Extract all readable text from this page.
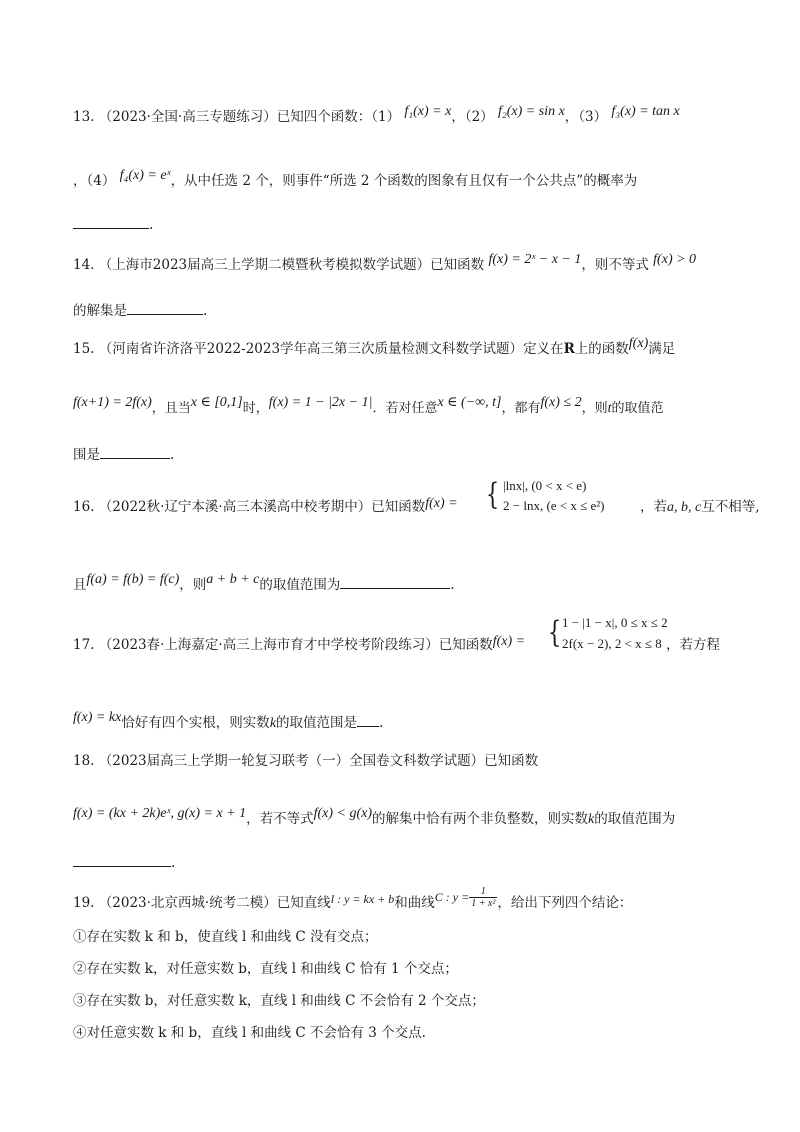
13. （2023·全国·高三专题练习）已知四个函数：（1） f₁(x) = x，（2） f₂(x) = sin x，（3） f₃(x) = tan x
，（4） f₄(x) = eˣ，从中任选 2 个，则事件“所选 2 个函数的图象有且仅有一个公共点”的概率为
.
14. （上海市2023届高三上学期二模暨秋考模拟数学试题）已知函数 f(x) = 2ˣ − x − 1，则不等式 f(x) > 0
的解集是	.
15. （河南省许济洛平2022-2023学年高三第三次质量检测文科数学试题）定义在R上的函数f(x)满足
f(x+1) = 2f(x)，且当x ∈ [0,1]时，f(x) = 1 − |2x − 1|．若对任意x ∈ (−∞, t]，都有f(x) ≤ 2，则t的取值范
围是	.
16. （2022秋·辽宁本溪·高三本溪高中校考期中）已知函数f(x) = { |lnx|, (0 < x < e)
2 − lnx, (e < x ≤ e²)	，若a, b, c互不相等,
且f(a) = f(b) = f(c)，则a + b + c的取值范围为	.
17. （2023春·上海嘉定·高三上海市育才中学校考阶段练习）已知函数f(x) = { 1 − |1 − x|, 0 ≤ x ≤ 2
2f(x − 2), 2 < x ≤ 8 ，若方程
f(x) = kx恰好有四个实根，则实数k的取值范围是 .
18. （2023届高三上学期一轮复习联考（一）全国卷文科数学试题）已知函数
f(x) = (kx + 2k)eˣ, g(x) = x + 1，若不等式f(x) < g(x)的解集中恰有两个非负整数，则实数k的取值范围为
.
19. （2023·北京西城·统考二模）已知直线l : y = kx + b和曲线C : $y = \frac{1}{\text{1 + x²}}$ ，给出下列四个结论：
①存在实数 k 和 b，使直线 l 和曲线 C 没有交点；
②存在实数 k，对任意实数 b，直线 l 和曲线 C 恰有 1 个交点；
③存在实数 b，对任意实数 k，直线 l 和曲线 C 不会恰有 2 个交点；
④对任意实数 k 和 b，直线 l 和曲线 C 不会恰有 3 个交点.
